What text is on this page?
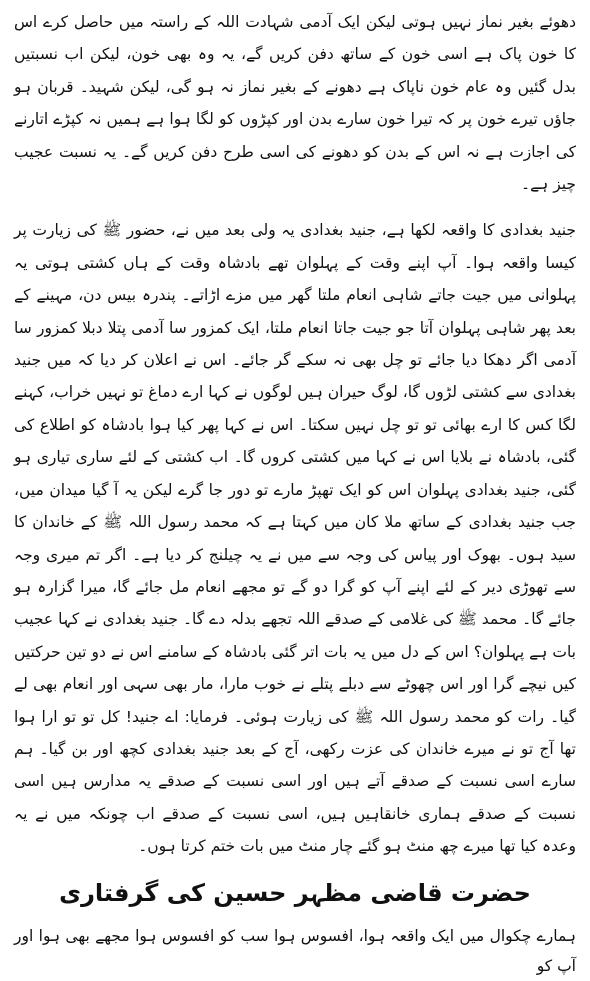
دھوئے بغیر نماز نہیں ہوتی لیکن ایک آدمی شہادت اللہ کے راستہ میں حاصل کرے اس کا خون پاک ہے اسی خون کے ساتھ دفن کریں گے، یہ وہ بھی خون، لیکن اب نسبتیں بدل گئیں وہ عام خون ناپاک ہے دھونے کے بغیر نماز نہ ہو گی، لیکن شہید۔ قربان ہو جاؤں تیرے خون پر کہ تیرا خون سارے بدن اور کپڑوں کو لگا ہوا ہے ہمیں نہ کپڑے اتارنے کی اجازت ہے نہ اس کے بدن کو دھونے کی اسی طرح دفن کریں گے۔ یہ نسبت عجیب چیز ہے۔

جنید بغدادی کا واقعہ لکھا ہے، جنید بغدادی یہ ولی بعد میں نے، حضور ﷺ کی زیارت پر کیسا واقعہ ہوا۔ آپ اپنے وقت کے پہلوان تھے بادشاہ وقت کے ہاں کشتی ہوتی یہ پہلوانی میں جیت جاتے شاہی انعام ملتا گھر میں مزے اڑاتے۔ پندرہ بیس دن، مہینے کے بعد پھر شاہی پہلوان آتا جو جیت جاتا انعام ملتا، ایک کمزور سا آدمی پتلا دبلا کمزور سا آدمی اگر دھکا دیا جائے تو چل بھی نہ سکے گر جائے۔ اس نے اعلان کر دیا کہ میں جنید بغدادی سے کشتی لڑوں گا، لوگ حیران ہیں لوگوں نے کہا ارے دماغ تو نہیں خراب، کہنے لگا کس کا ارے بھائی تو تو چل نہیں سکتا۔ اس نے کہا پھر کیا ہوا بادشاہ کو اطلاع کی گئی، بادشاہ نے بلایا اس نے کہا میں کشتی کروں گا۔ اب کشتی کے لئے ساری تیاری ہو گئی، جنید بغدادی پہلوان اس کو ایک تھپڑ مارے تو دور جا گرے لیکن یہ آ گیا میدان میں، جب جنید بغدادی کے ساتھ ملا کان میں کہتا ہے کہ محمد رسول اللہ ﷺ کے خاندان کا سید ہوں۔ بھوک اور پیاس کی وجہ سے میں نے یہ چیلنج کر دیا ہے۔ اگر تم میری وجہ سے تھوڑی دیر کے لئے اپنے آپ کو گرا دو گے تو مجھے انعام مل جائے گا، میرا گزارہ ہو جائے گا۔ محمد ﷺ کی غلامی کے صدقے اللہ تجھے بدلہ دے گا۔ جنید بغدادی نے کہا عجیب بات ہے پہلوان؟ اس کے دل میں یہ بات اتر گئی بادشاہ کے سامنے اس نے دو تین حرکتیں کیں نیچے گرا اور اس چھوٹے سے دبلے پتلے نے خوب مارا، مار بھی سہی اور انعام بھی لے گیا۔ رات کو محمد رسول اللہ ﷺ کی زیارت ہوئی۔ فرمایا: اے جنید! کل تو تو ارا ہوا تھا آج تو نے میرے خاندان کی عزت رکھی، آج کے بعد جنید بغدادی کچھ اور بن گیا۔ ہم سارے اسی نسبت کے صدقے آتے ہیں اور اسی نسبت کے صدقے یہ مدارس ہیں اسی نسبت کے صدقے ہماری خانقاہیں ہیں، اسی نسبت کے صدقے اب چونکہ میں نے یہ وعدہ کیا تھا میرے چھ منٹ ہو گئے چار منٹ میں بات ختم کرتا ہوں۔

حضرت قاضی مظہر حسین کی گرفتاری

ہمارے چکوال میں ایک واقعہ ہوا، افسوس ہوا سب کو افسوس ہوا مجھے بھی ہوا اور آپ کو
